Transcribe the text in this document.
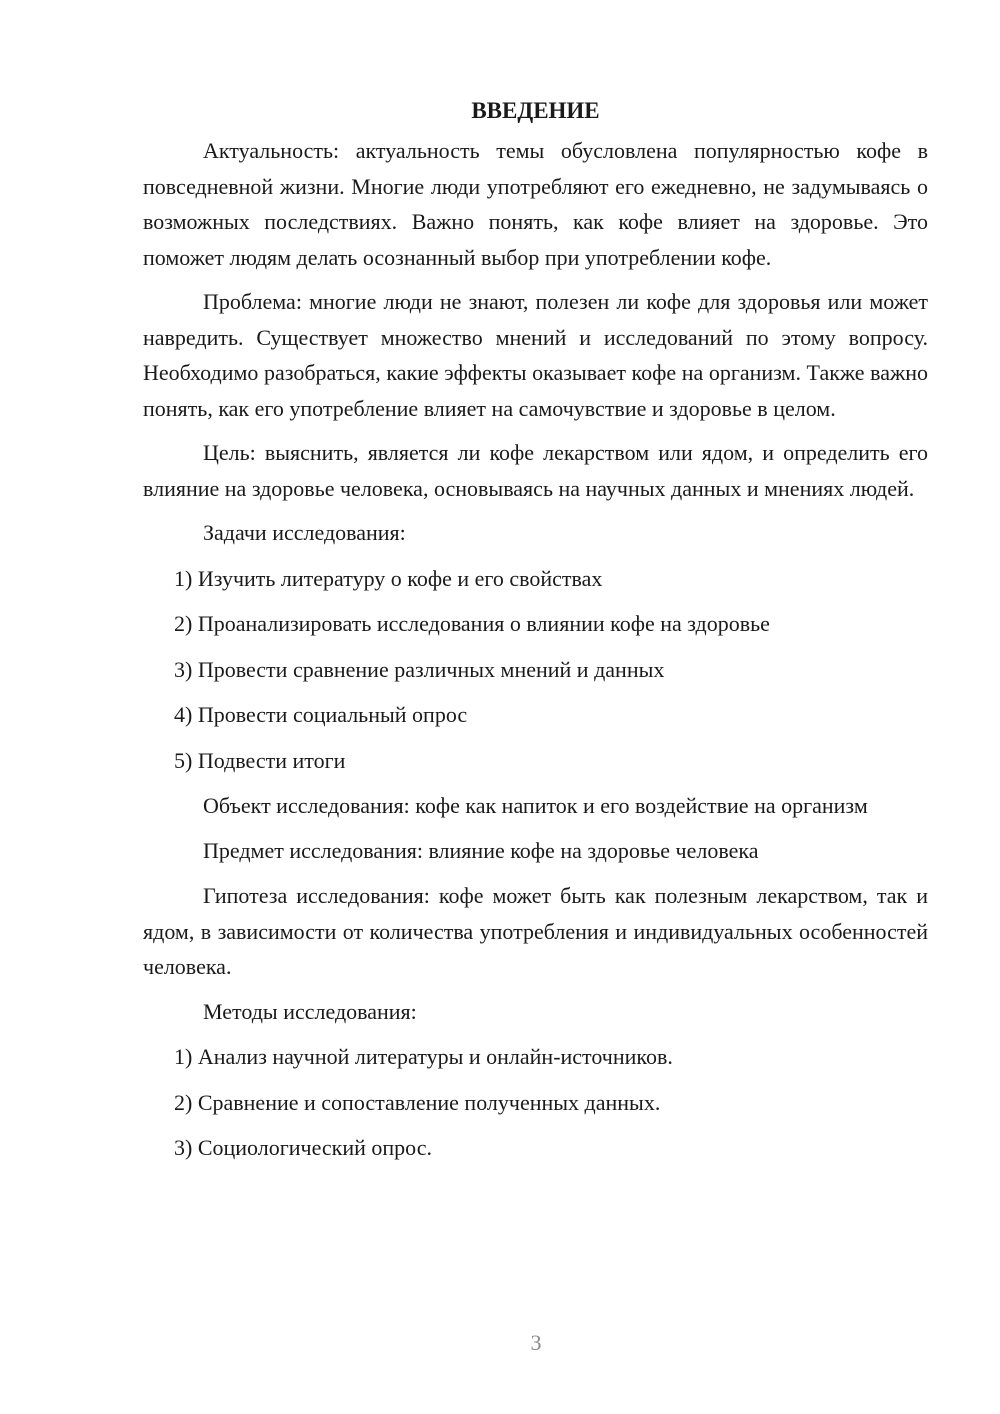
ВВЕДЕНИЕ

Актуальность: актуальность темы обусловлена популярностью кофе в повседневной жизни. Многие люди употребляют его ежедневно, не задумываясь о возможных последствиях. Важно понять, как кофе влияет на здоровье. Это поможет людям делать осознанный выбор при употреблении кофе.

Проблема: многие люди не знают, полезен ли кофе для здоровья или может навредить. Существует множество мнений и исследований по этому вопросу. Необходимо разобраться, какие эффекты оказывает кофе на организм. Также важно понять, как его употребление влияет на самочувствие и здоровье в целом.

Цель: выяснить, является ли кофе лекарством или ядом, и определить его влияние на здоровье человека, основываясь на научных данных и мнениях людей.

Задачи исследования:
1) Изучить литературу о кофе и его свойствах
2) Проанализировать исследования о влиянии кофе на здоровье
3) Провести сравнение различных мнений и данных
4) Провести социальный опрос
5) Подвести итоги

Объект исследования: кофе как напиток и его воздействие на организм

Предмет исследования: влияние кофе на здоровье человека

Гипотеза исследования: кофе может быть как полезным лекарством, так и ядом, в зависимости от количества употребления и индивидуальных особенностей человека.

Методы исследования:
1) Анализ научной литературы и онлайн-источников.
2) Сравнение и сопоставление полученных данных.
3) Социологический опрос.
3
